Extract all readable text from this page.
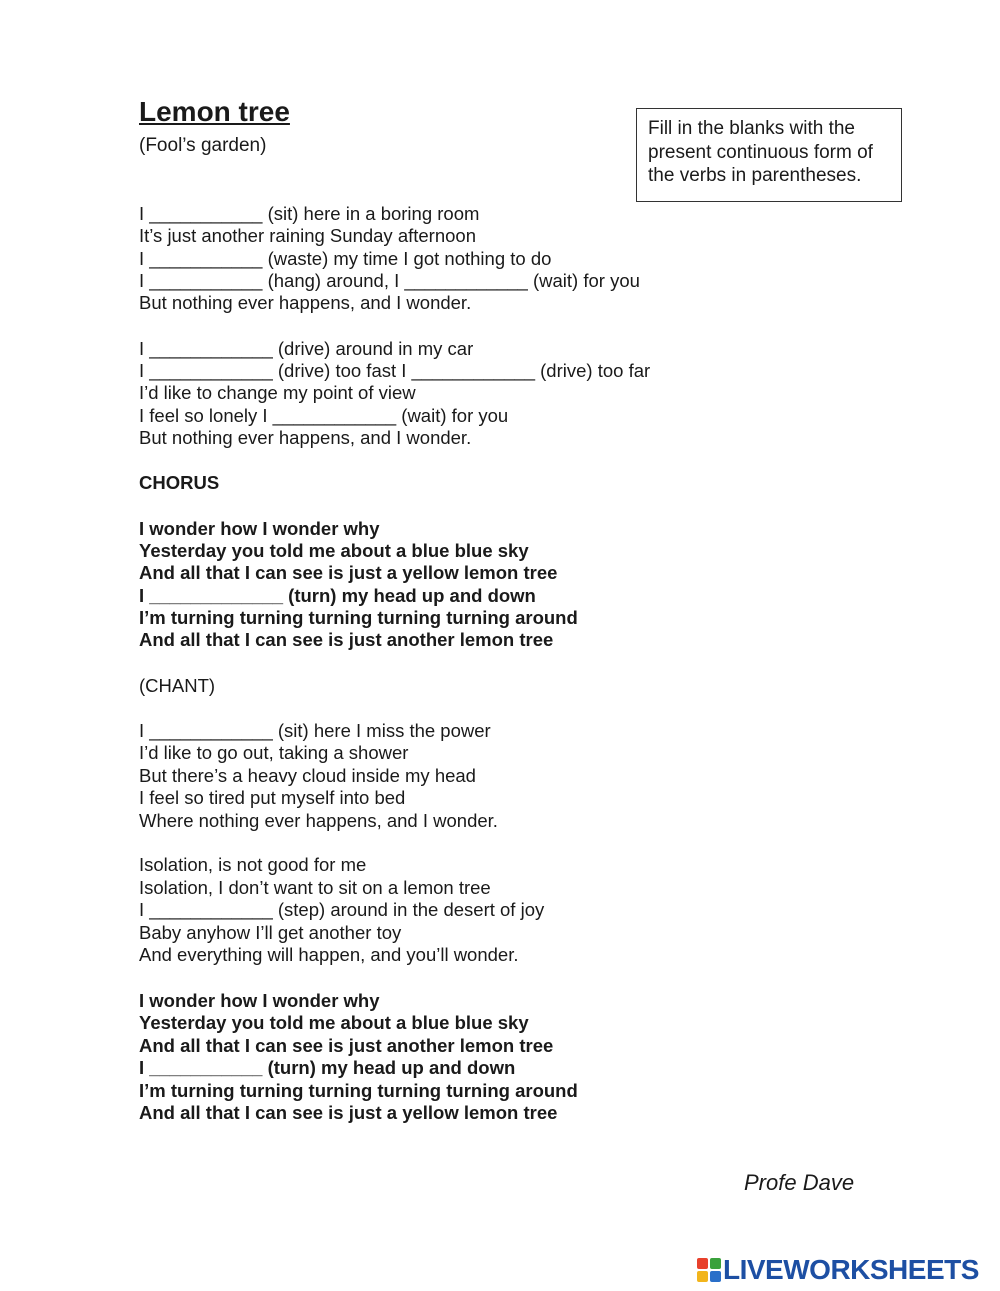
Lemon tree
(Fool’s garden)
Fill in the blanks with the present continuous form of the verbs in parentheses.

I ___________ (sit) here in a boring room

It’s just another raining Sunday afternoon

I ___________ (waste) my time I got nothing to do

I ___________ (hang) around, I ____________ (wait) for you

But nothing ever happens, and I wonder.

I ____________ (drive) around in my car

I ____________ (drive) too fast I ____________ (drive) too far

I’d like to change my point of view

I feel so lonely I ____________ (wait) for you

But nothing ever happens, and I wonder.

CHORUS

I wonder how I wonder why

Yesterday you told me about a blue blue sky

And all that I can see is just a yellow lemon tree

I _____________ (turn) my head up and down

I’m turning turning turning turning turning around

And all that I can see is just another lemon tree

(CHANT)

I ____________ (sit) here I miss the power

I’d like to go out, taking a shower

But there’s a heavy cloud inside my head

I feel so tired put myself into bed

Where nothing ever happens, and I wonder.

Isolation, is not good for me

Isolation, I don’t want to sit on a lemon tree

I ____________ (step) around in the desert of joy

Baby anyhow I’ll get another toy

And everything will happen, and you’ll wonder.

I wonder how I wonder why

Yesterday you told me about a blue blue sky

And all that I can see is just another lemon tree

I ___________ (turn) my head up and down

I’m turning turning turning turning turning around

And all that I can see is just a yellow lemon tree

Profe Dave
LIVEWORKSHEETS
